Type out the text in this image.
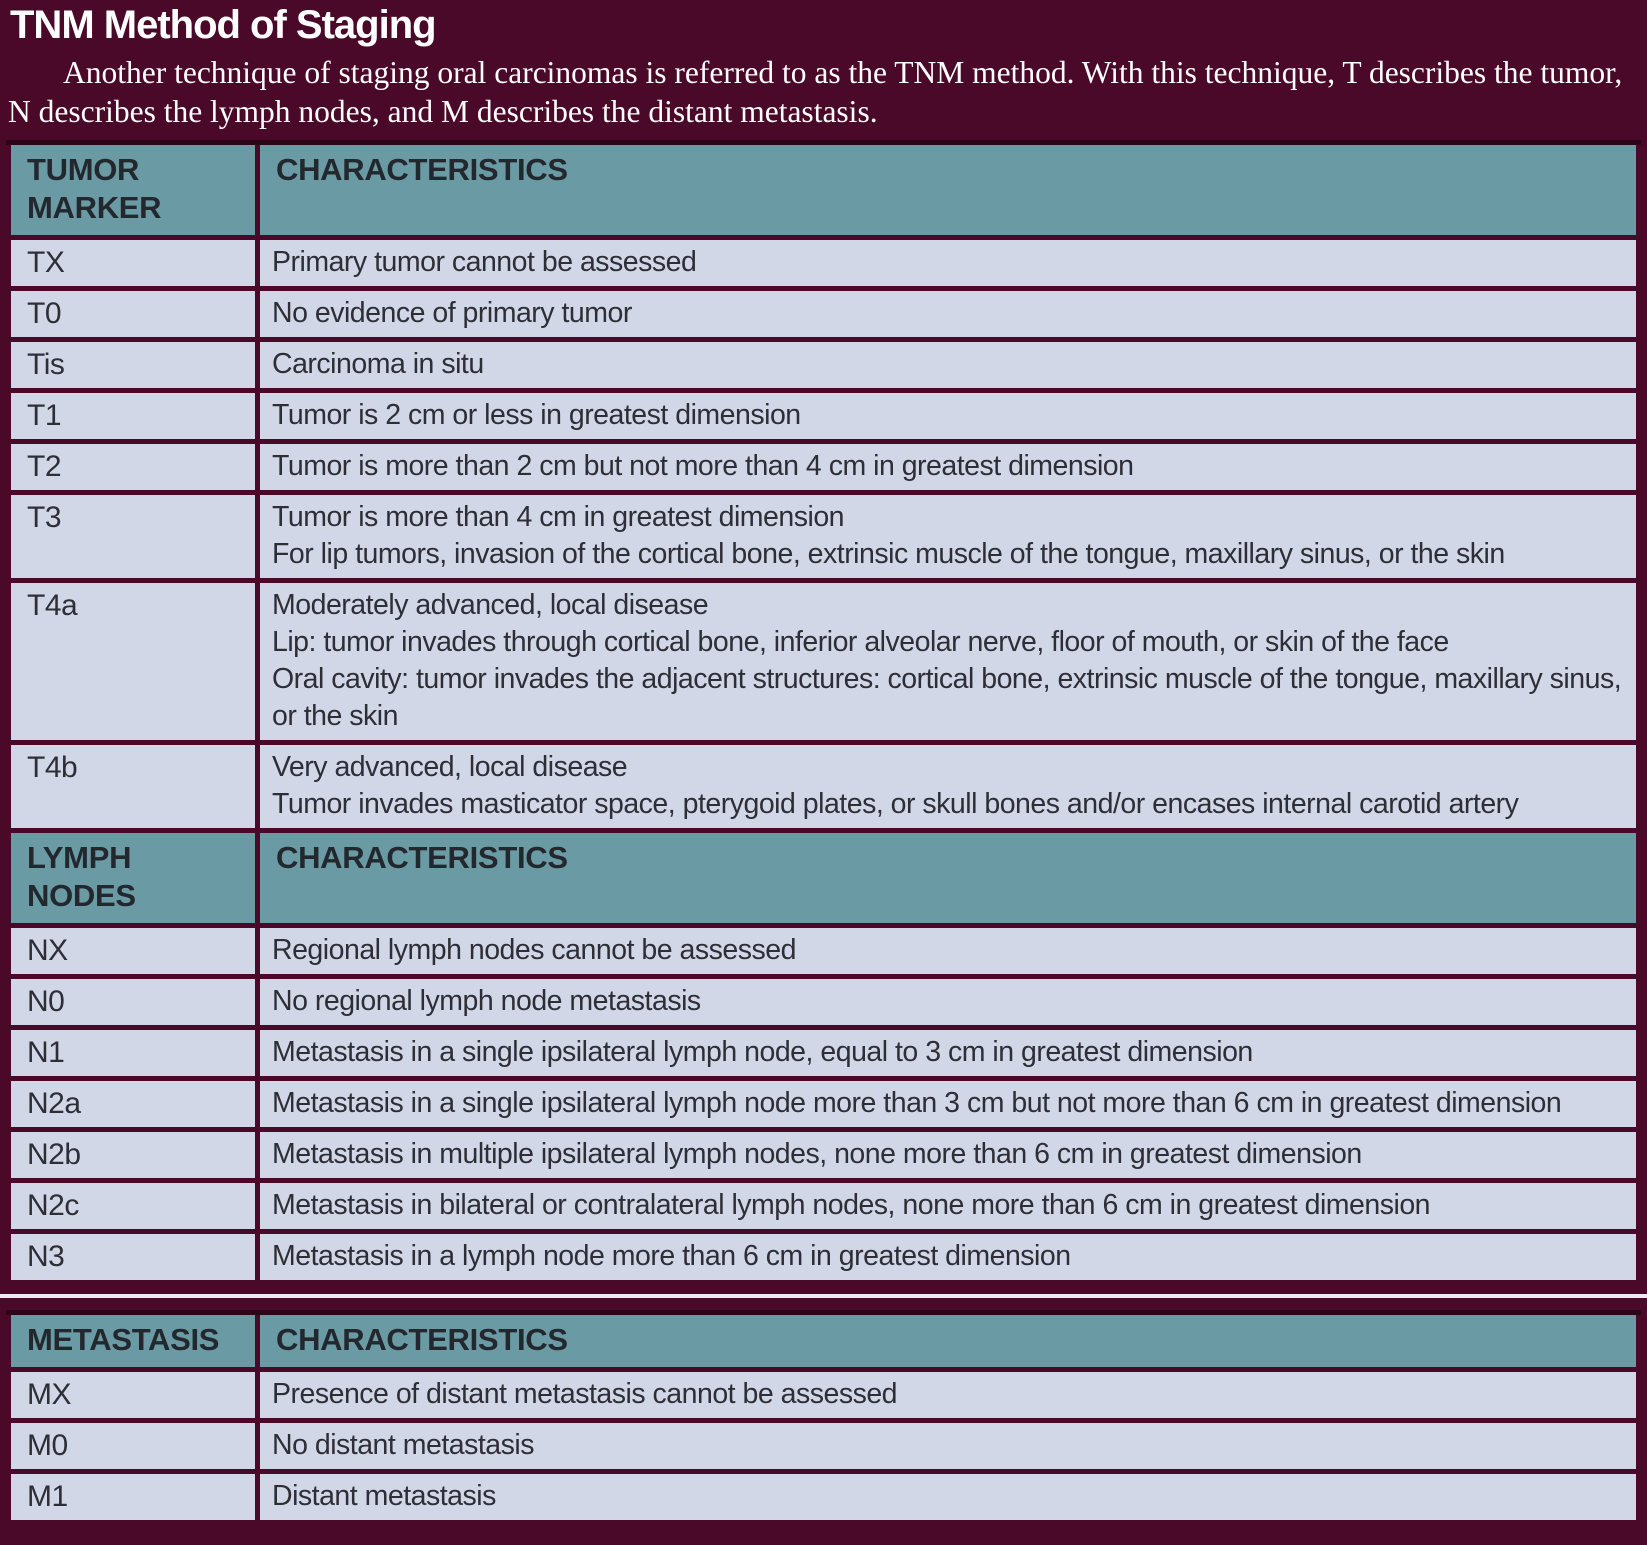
TNM Method of Staging

Another technique of staging oral carcinomas is referred to as the TNM method. With this technique, T describes the tumor, N describes the lymph nodes, and M describes the distant metastasis.

TUMOR MARKER	CHARACTERISTICS
TX	Primary tumor cannot be assessed

T0	No evidence of primary tumor

Tis	Carcinoma in situ

T1	Tumor is 2 cm or less in greatest dimension

T2	Tumor is more than 2 cm but not more than 4 cm in greatest dimension

T3	Tumor is more than 4 cm in greatest dimension
For lip tumors, invasion of the cortical bone, extrinsic muscle of the tongue, maxillary sinus, or the skin

T4a	Moderately advanced, local disease
Lip: tumor invades through cortical bone, inferior alveolar nerve, floor of mouth, or skin of the face
Oral cavity: tumor invades the adjacent structures: cortical bone, extrinsic muscle of the tongue, maxillary sinus, or the skin

T4b	Very advanced, local disease
Tumor invades masticator space, pterygoid plates, or skull bones and/or encases internal carotid artery

LYMPH NODES	CHARACTERISTICS
NX	Regional lymph nodes cannot be assessed

N0	No regional lymph node metastasis

N1	Metastasis in a single ipsilateral lymph node, equal to 3 cm in greatest dimension

N2a	Metastasis in a single ipsilateral lymph node more than 3 cm but not more than 6 cm in greatest dimension

N2b	Metastasis in multiple ipsilateral lymph nodes, none more than 6 cm in greatest dimension

N2c	Metastasis in bilateral or contralateral lymph nodes, none more than 6 cm in greatest dimension

N3	Metastasis in a lymph node more than 6 cm in greatest dimension
METASTASIS	CHARACTERISTICS
MX	Presence of distant metastasis cannot be assessed

M0	No distant metastasis

M1	Distant metastasis
